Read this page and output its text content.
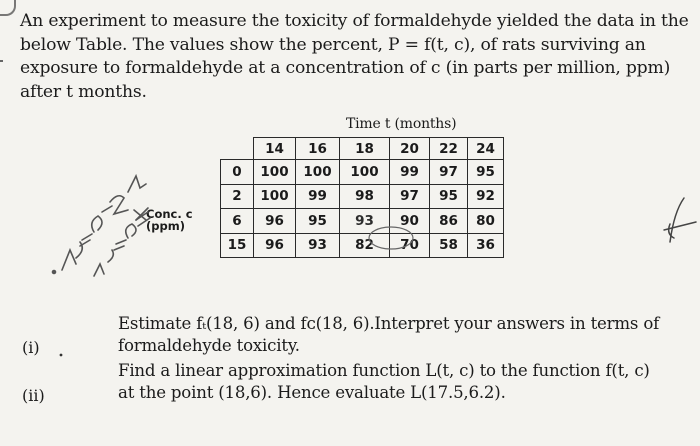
An experiment to measure the toxicity of formaldehyde yielded the data in the
below Table. The values show the percent, P = f(t, c), of rats surviving an
exposure to formaldehyde at a concentration of c (in parts per million, ppm)
after t months.
Time t (months)
	14	16	18	20	22	24
0	100	100	100	99	97	95
2	100	99	98	97	95	92
6	96	95	93	90	86	80
15	96	93	82	70	58	36
Conc. c
(ppm)
(i)
Estimate fₜ(18, 6) and fᴄ(18, 6).Interpret your answers in terms of
formaldehyde toxicity.
(ii)
Find a linear approximation function L(t, c) to the function f(t, c)
at the point (18,6). Hence evaluate L(17.5,6.2).
